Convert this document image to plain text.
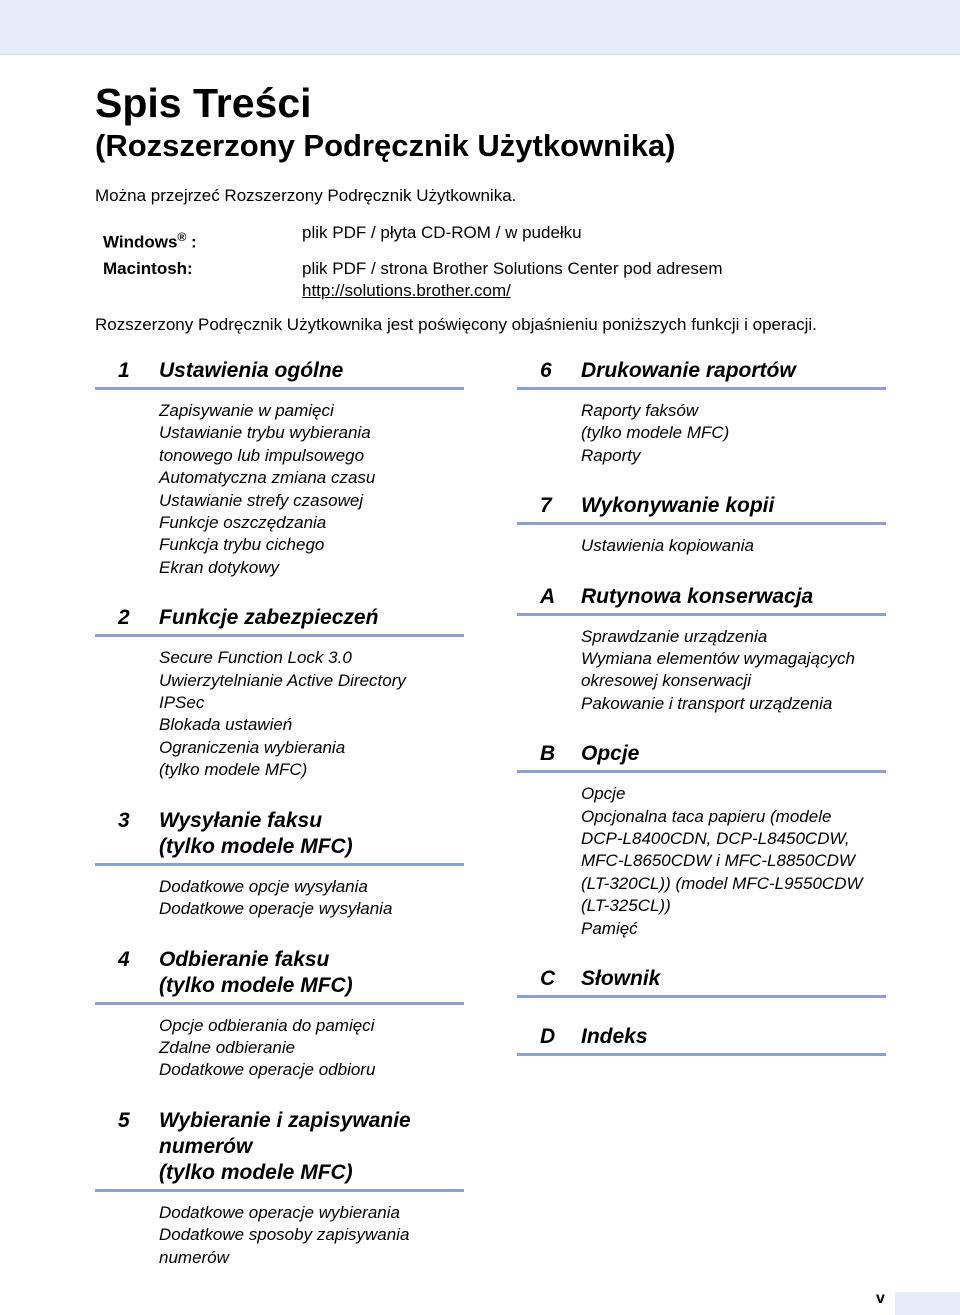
Spis Treści
(Rozszerzony Podręcznik Użytkownika)
Można przejrzeć Rozszerzony Podręcznik Użytkownika.
Windows® :
plik PDF / płyta CD-ROM / w pudełku
Macintosh:	plik PDF / strona Brother Solutions Center pod adresem
http://solutions.brother.com/
Rozszerzony Podręcznik Użytkownika jest poświęcony objaśnieniu poniższych funkcji i operacji.
1	Ustawienia ogólne
Zapisywanie w pamięci
Ustawianie trybu wybierania
tonowego lub impulsowego
Automatyczna zmiana czasu
Ustawianie strefy czasowej
Funkcje oszczędzania
Funkcja trybu cichego
Ekran dotykowy
2	Funkcje zabezpieczeń
Secure Function Lock 3.0
Uwierzytelnianie Active Directory
IPSec
Blokada ustawień
Ograniczenia wybierania
(tylko modele MFC)
3	Wysyłanie faksu
(tylko modele MFC)
Dodatkowe opcje wysyłania
Dodatkowe operacje wysyłania
4	Odbieranie faksu
(tylko modele MFC)
Opcje odbierania do pamięci
Zdalne odbieranie
Dodatkowe operacje odbioru
5	Wybieranie i zapisywanie
numerów
(tylko modele MFC)
Dodatkowe operacje wybierania
Dodatkowe sposoby zapisywania
numerów
6	Drukowanie raportów
Raporty faksów
(tylko modele MFC)
Raporty
7	Wykonywanie kopii
Ustawienia kopiowania
A	Rutynowa konserwacja
Sprawdzanie urządzenia
Wymiana elementów wymagających
okresowej konserwacji
Pakowanie i transport urządzenia
B	Opcje
Opcje
Opcjonalna taca papieru (modele
DCP-L8400CDN, DCP-L8450CDW,
MFC-L8650CDW i MFC-L8850CDW
(LT-320CL)) (model MFC-L9550CDW
(LT-325CL))
Pamięć
C	Słownik
D	Indeks
v
